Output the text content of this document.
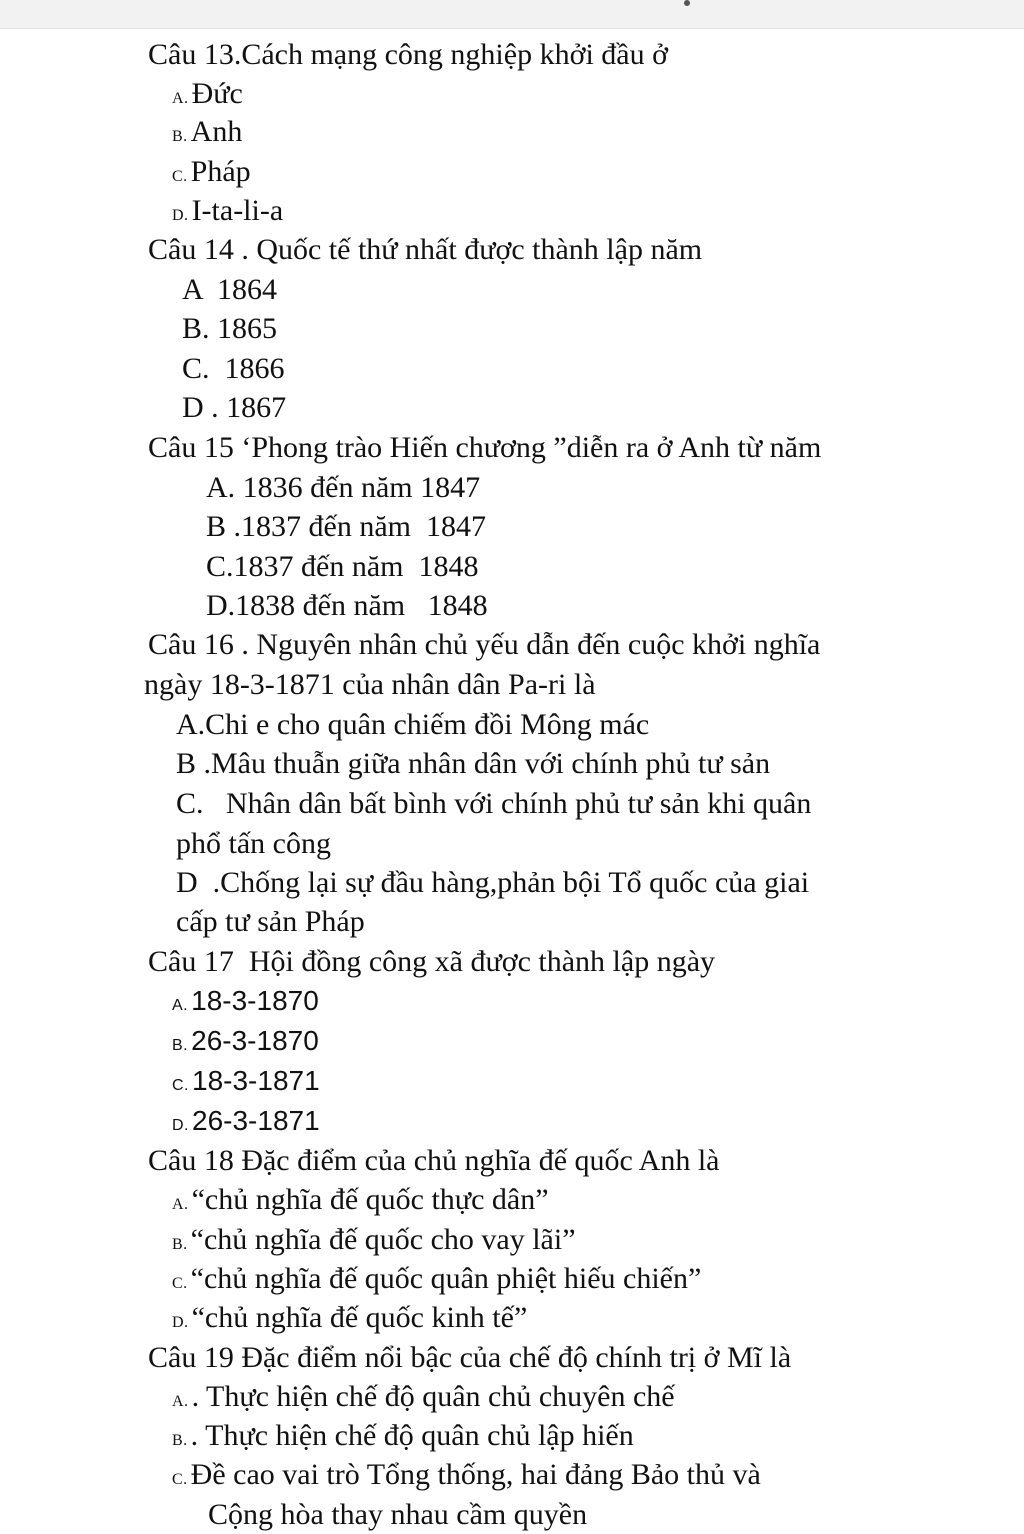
Câu 13.Cách mạng công nghiệp khởi đầu ở
A. Đức
B. Anh
C. Pháp
D. I-ta-li-a
Câu 14 . Quốc tế thứ nhất được thành lập năm
A  1864
B. 1865
C.  1866
D . 1867
Câu 15 ‘Phong trào Hiến chương ”diễn ra ở Anh từ năm
A. 1836 đến năm 1847
B .1837 đến năm  1847
C.1837 đến năm  1848
D.1838 đến năm   1848
Câu 16 . Nguyên nhân chủ yếu dẫn đến cuộc khởi nghĩa
ngày 18-3-1871 của nhân dân Pa-ri là
A.Chi e cho quân chiếm đồi Mông mác
B .Mâu thuẫn giữa nhân dân với chính phủ tư sản
C.   Nhân dân bất bình với chính phủ tư sản khi quân
phổ tấn công
D  .Chống lại sự đầu hàng,phản bội Tổ quốc của giai
cấp tư sản Pháp
Câu 17  Hội đồng công xã được thành lập ngày
A. 18-3-1870
B. 26-3-1870
C. 18-3-1871
D. 26-3-1871
Câu 18 Đặc điểm của chủ nghĩa đế quốc Anh là
A. “chủ nghĩa đế quốc thực dân”
B. “chủ nghĩa đế quốc cho vay lãi”
C. “chủ nghĩa đế quốc quân phiệt hiếu chiến”
D. “chủ nghĩa đế quốc kinh tế”
Câu 19 Đặc điểm nổi bậc của chế độ chính trị ở Mĩ là
A. . Thực hiện chế độ quân chủ chuyên chế
B. . Thực hiện chế độ quân chủ lập hiến
C. Đề cao vai trò Tổng thống, hai đảng Bảo thủ và
Cộng hòa thay nhau cầm quyền
